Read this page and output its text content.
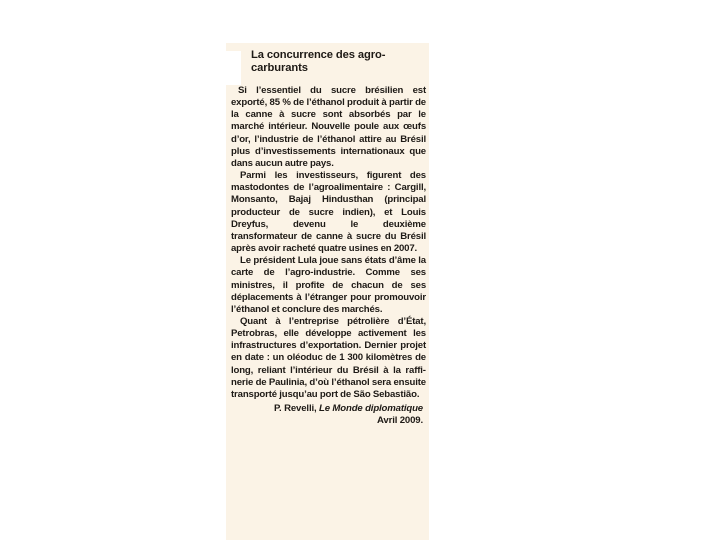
La concurrence des agro-carburants

Si l’essentiel du sucre brésilien est exporté, 85 % de l’éthanol produit à partir de la canne à sucre sont absorbés par le marché intérieur. Nouvelle poule aux œufs d’or, l’industrie de l’éthanol attire au Brésil plus d’investissements internationaux que dans aucun autre pays.

Parmi les investisseurs, figurent des mastodontes de l’agroalimentaire : Cargill, Monsanto, Bajaj Hindusthan (principal producteur de sucre indien), et Louis Dreyfus, devenu le deuxième transformateur de canne à sucre du Brésil après avoir racheté quatre usines en 2007.

Le président Lula joue sans états d’âme la carte de l’agro-industrie. Comme ses ministres, il profite de chacun de ses déplacements à l’étranger pour promouvoir l’éthanol et conclure des marchés.

Quant à l’entreprise pétrolière d’État, Petrobras, elle développe activement les infrastructures d’exportation. Dernier projet en date : un oléoduc de 1 300 kilomètres de long, reliant l’intérieur du Brésil à la raffinerie de Paulinia, d’où l’éthanol sera ensuite transporté jusqu’au port de São Sebastião.

P. Revelli, Le Monde diplomatique
Avril 2009.
